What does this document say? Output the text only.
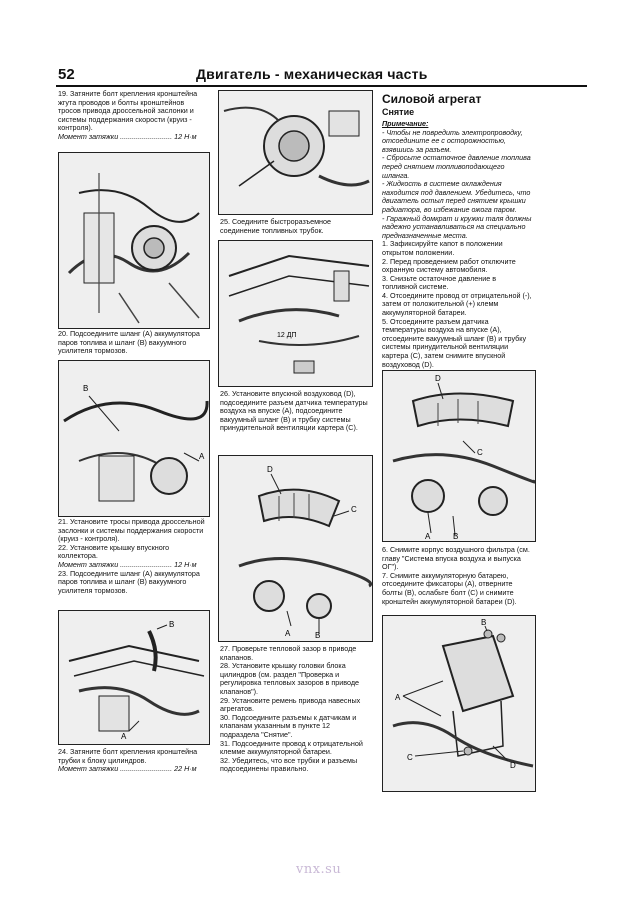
52	Двигатель - механическая часть

19. Затяните болт крепления кронштейна жгута проводов и болты кронштейнов тросов привода дроссельной заслонки и системы поддержания скорости (круиз - контроля).

Момент затяжки .......................... 12 Н·м

20. Подсоедините шланг (A) аккумулятора паров топлива и шланг (B) вакуумного усилителя тормозов.

B
A

21. Установите тросы привода дроссельной заслонки и системы поддержания скорости (круиз - контроля).

22. Установите крышку впускного коллектора.

Момент затяжки .......................... 12 Н·м

23. Подсоедините шланг (A) аккумулятора паров топлива и шланг (B) вакуумного усилителя тормозов.

B
A

24. Затяните болт крепления кронштейна трубки к блоку цилиндров.

Момент затяжки .......................... 22 Н·м

25. Соедините быстроразъемное соединение топливных трубок.

12 ДП

26. Установите впускной воздуховод (D), подсоедините разъем датчика температуры воздуха на впуске (A), подсоедините вакуумный шланг (B) и трубку системы принудительной вентиляции картера (C).

D
C
A	B

27. Проверьте тепловой зазор в приводе клапанов.

28. Установите крышку головки блока цилиндров (см. раздел "Проверка и регулировка тепловых зазоров в приводе клапанов").

29. Установите ремень привода навесных агрегатов.

30. Подсоедините разъемы к датчикам и клапанам указанным в пункте 12 подраздела "Снятие".

31. Подсоедините провод к отрицательной клемме аккумуляторной батареи.

32. Убедитесь, что все трубки и разъемы подсоединены правильно.

Силовой агрегат
Снятие

Примечание:

- Чтобы не повредить электропроводку, отсоедините ее с осторожностью, взявшись за разъем.

- Сбросьте остаточное давление топлива перед снятием топливоподающего шланга.

- Жидкость в системе охлаждения находится под давлением. Убедитесь, что двигатель остыл перед снятием крышки радиатора, во избежание ожога паром.

- Гаражный домкрат и кружки таля должны надежно устанавливаться на специально предназначенные места.

1. Зафиксируйте капот в положении открытом положении.

2. Перед проведением работ отключите охранную систему автомобиля.

3. Снизьте остаточное давление в топливной системе.

4. Отсоедините провод от отрицательной (-), затем от положительной (+) клемм аккумуляторной батареи.

5. Отсоедините разъем датчика температуры воздуха на впуске (A), отсоедините вакуумный шланг (B) и трубку системы принудительной вентиляции картера (C), затем снимите впускной воздуховод (D).

D
C
A	B

6. Снимите корпус воздушного фильтра (см. главу "Система впуска воздуха и выпуска ОГ").

7. Снимите аккумуляторную батарею, отсоедините фиксаторы (A), отверните болты (B), ослабьте болт (C) и снимите кронштейн аккумуляторной батареи (D).

A
B
C
D
vnx.su
